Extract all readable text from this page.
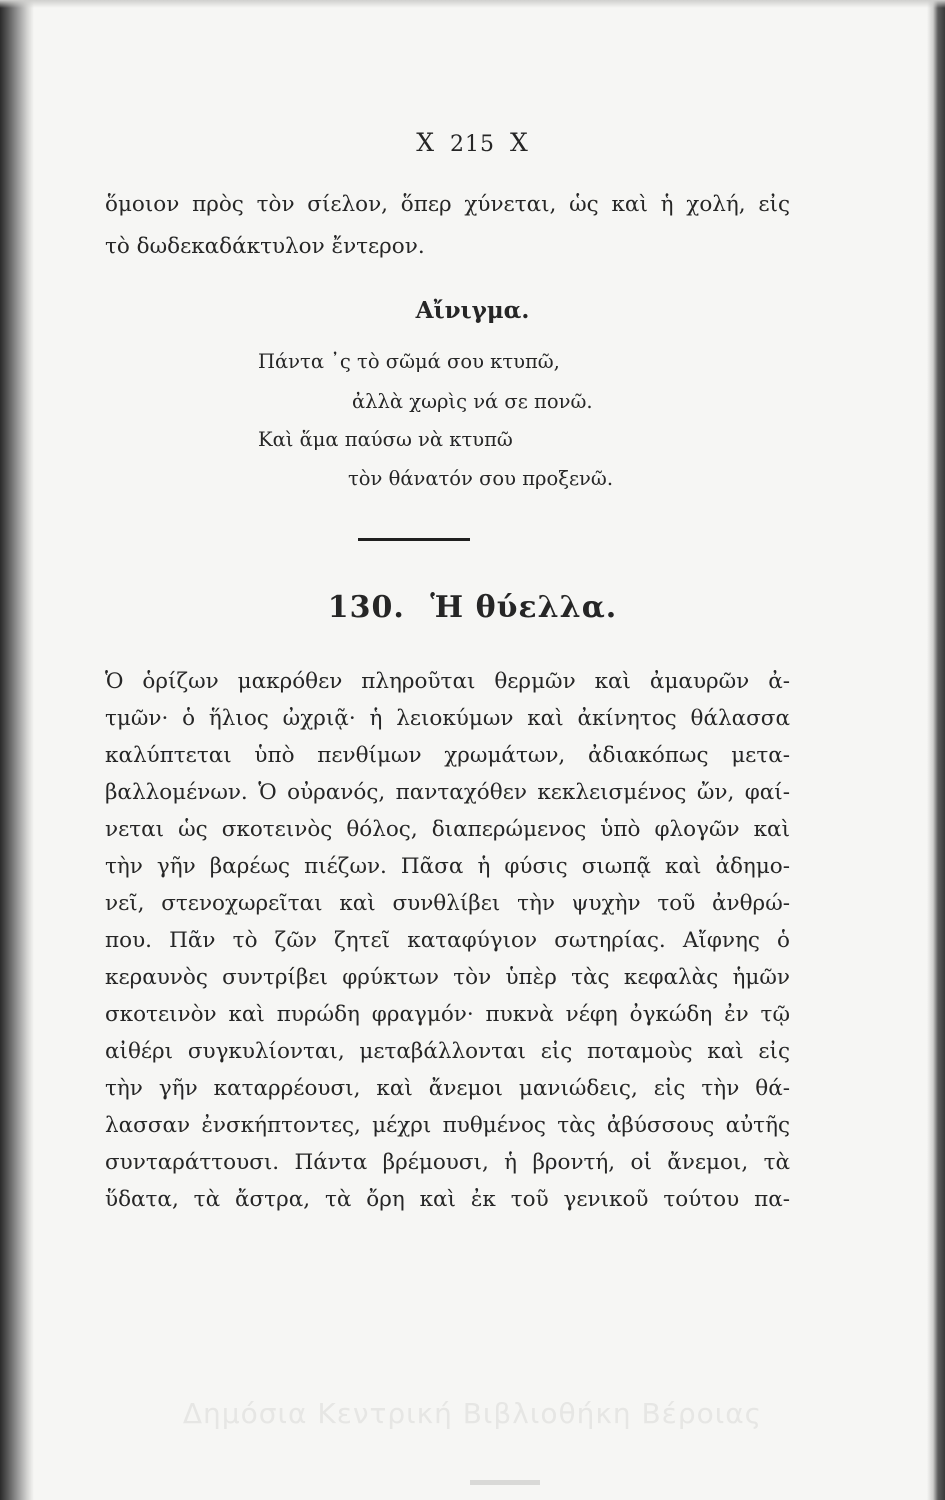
X 215 X
ὅμοιον πρὸς τὸν σίελον, ὅπερ χύνεται, ὡς καὶ ἡ χολή, εἰς
τὸ δωδεκαδάκτυλον ἔντερον.
Αἴνιγμα.
Πάντα ᾽ς τὸ σῶμά σου κτυπῶ,
ἀλλὰ χωρὶς νά σε πονῶ.
Καὶ ἅμα παύσω νὰ κτυπῶ
τὸν θάνατόν σου προξενῶ.
130. Ἡ θύελλα.
Ὁ ὁρίζων μακρόθεν πληροῦται θερμῶν καὶ ἀμαυρῶν ἀ-
τμῶν· ὁ ἥλιος ὠχριᾷ· ἡ λειοκύμων καὶ ἀκίνητος θάλασσα
καλύπτεται ὑπὸ πενθίμων χρωμάτων, ἀδιακόπως μετα-
βαλλομένων. Ὁ οὐρανός, πανταχόθεν κεκλεισμένος ὤν, φαί-
νεται ὡς σκοτεινὸς θόλος, διαπερώμενος ὑπὸ φλογῶν καὶ
τὴν γῆν βαρέως πιέζων. Πᾶσα ἡ φύσις σιωπᾷ καὶ ἀδημο-
νεῖ, στενοχωρεῖται καὶ συνθλίβει τὴν ψυχὴν τοῦ ἀνθρώ-
που. Πᾶν τὸ ζῶν ζητεῖ καταφύγιον σωτηρίας. Αἴφνης ὁ
κεραυνὸς συντρίβει φρύκτων τὸν ὑπὲρ τὰς κεφαλὰς ἡμῶν
σκοτεινὸν καὶ πυρώδη φραγμόν· πυκνὰ νέφη ὀγκώδη ἐν τῷ
αἰθέρι συγκυλίονται, μεταβάλλονται εἰς ποταμοὺς καὶ εἰς
τὴν γῆν καταρρέουσι, καὶ ἄνεμοι μανιώδεις, εἰς τὴν θά-
λασσαν ἐνσκήπτοντες, μέχρι πυθμένος τὰς ἀβύσσους αὐτῆς
συνταράττουσι. Πάντα βρέμουσι, ἡ βροντή, οἱ ἄνεμοι, τὰ
ὕδατα, τὰ ἄστρα, τὰ ὄρη καὶ ἐκ τοῦ γενικοῦ τούτου πα-
Δημόσια Κεντρική Βιβλιοθήκη Βέροιας
